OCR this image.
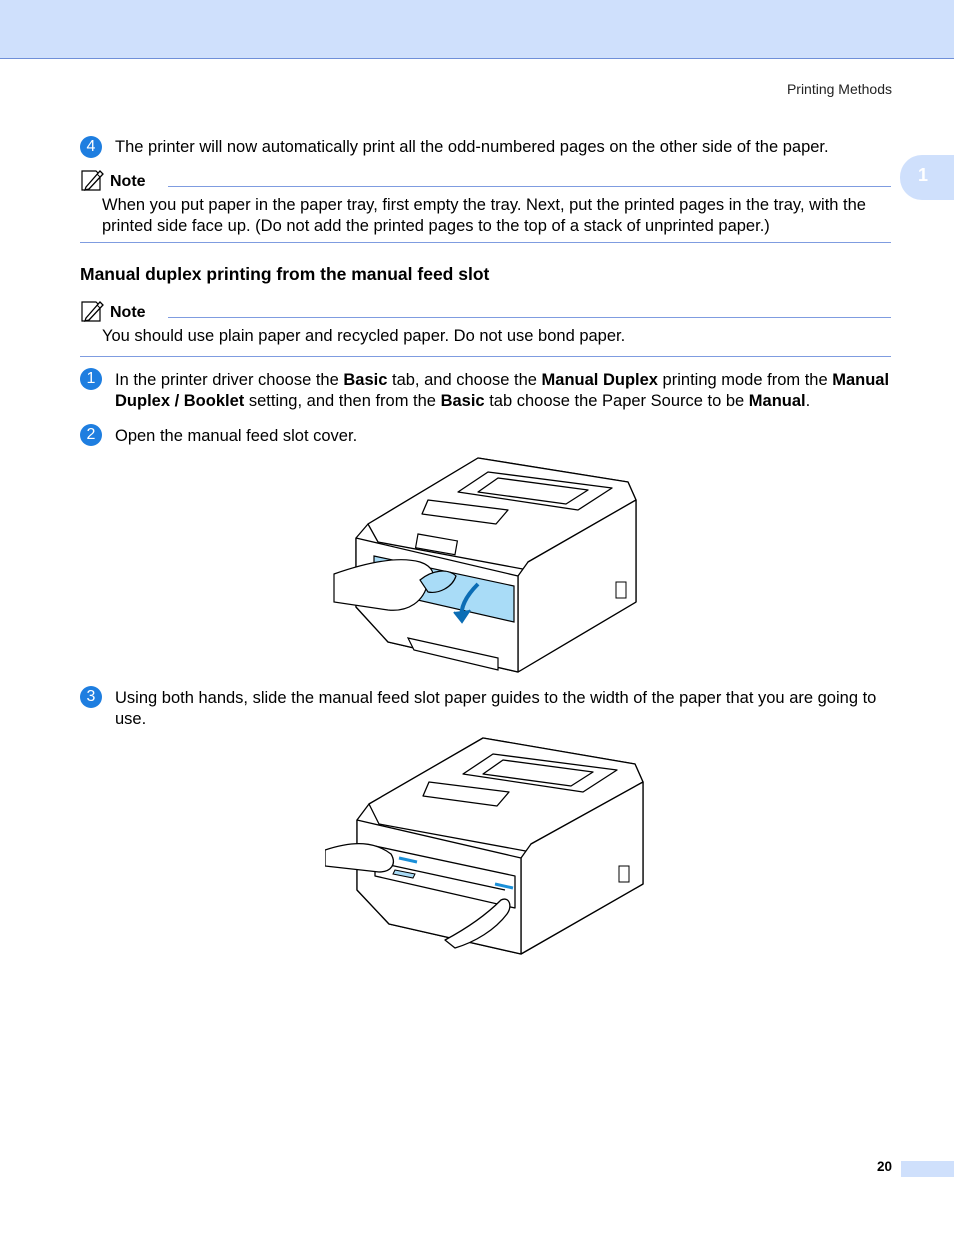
Printing Methods
1
4	The printer will now automatically print all the odd-numbered pages on the other side of the paper.
Note
When you put paper in the paper tray, first empty the tray. Next, put the printed pages in the tray, with the printed side face up. (Do not add the printed pages to the top of a stack of unprinted paper.)
Manual duplex printing from the manual feed slot
Note
You should use plain paper and recycled paper. Do not use bond paper.
1	In the printer driver choose the Basic tab, and choose the Manual Duplex printing mode from the Manual Duplex / Booklet setting, and then from the Basic tab choose the Paper Source to be Manual.
2	Open the manual feed slot cover.
3	Using both hands, slide the manual feed slot paper guides to the width of the paper that you are going to use.
20
